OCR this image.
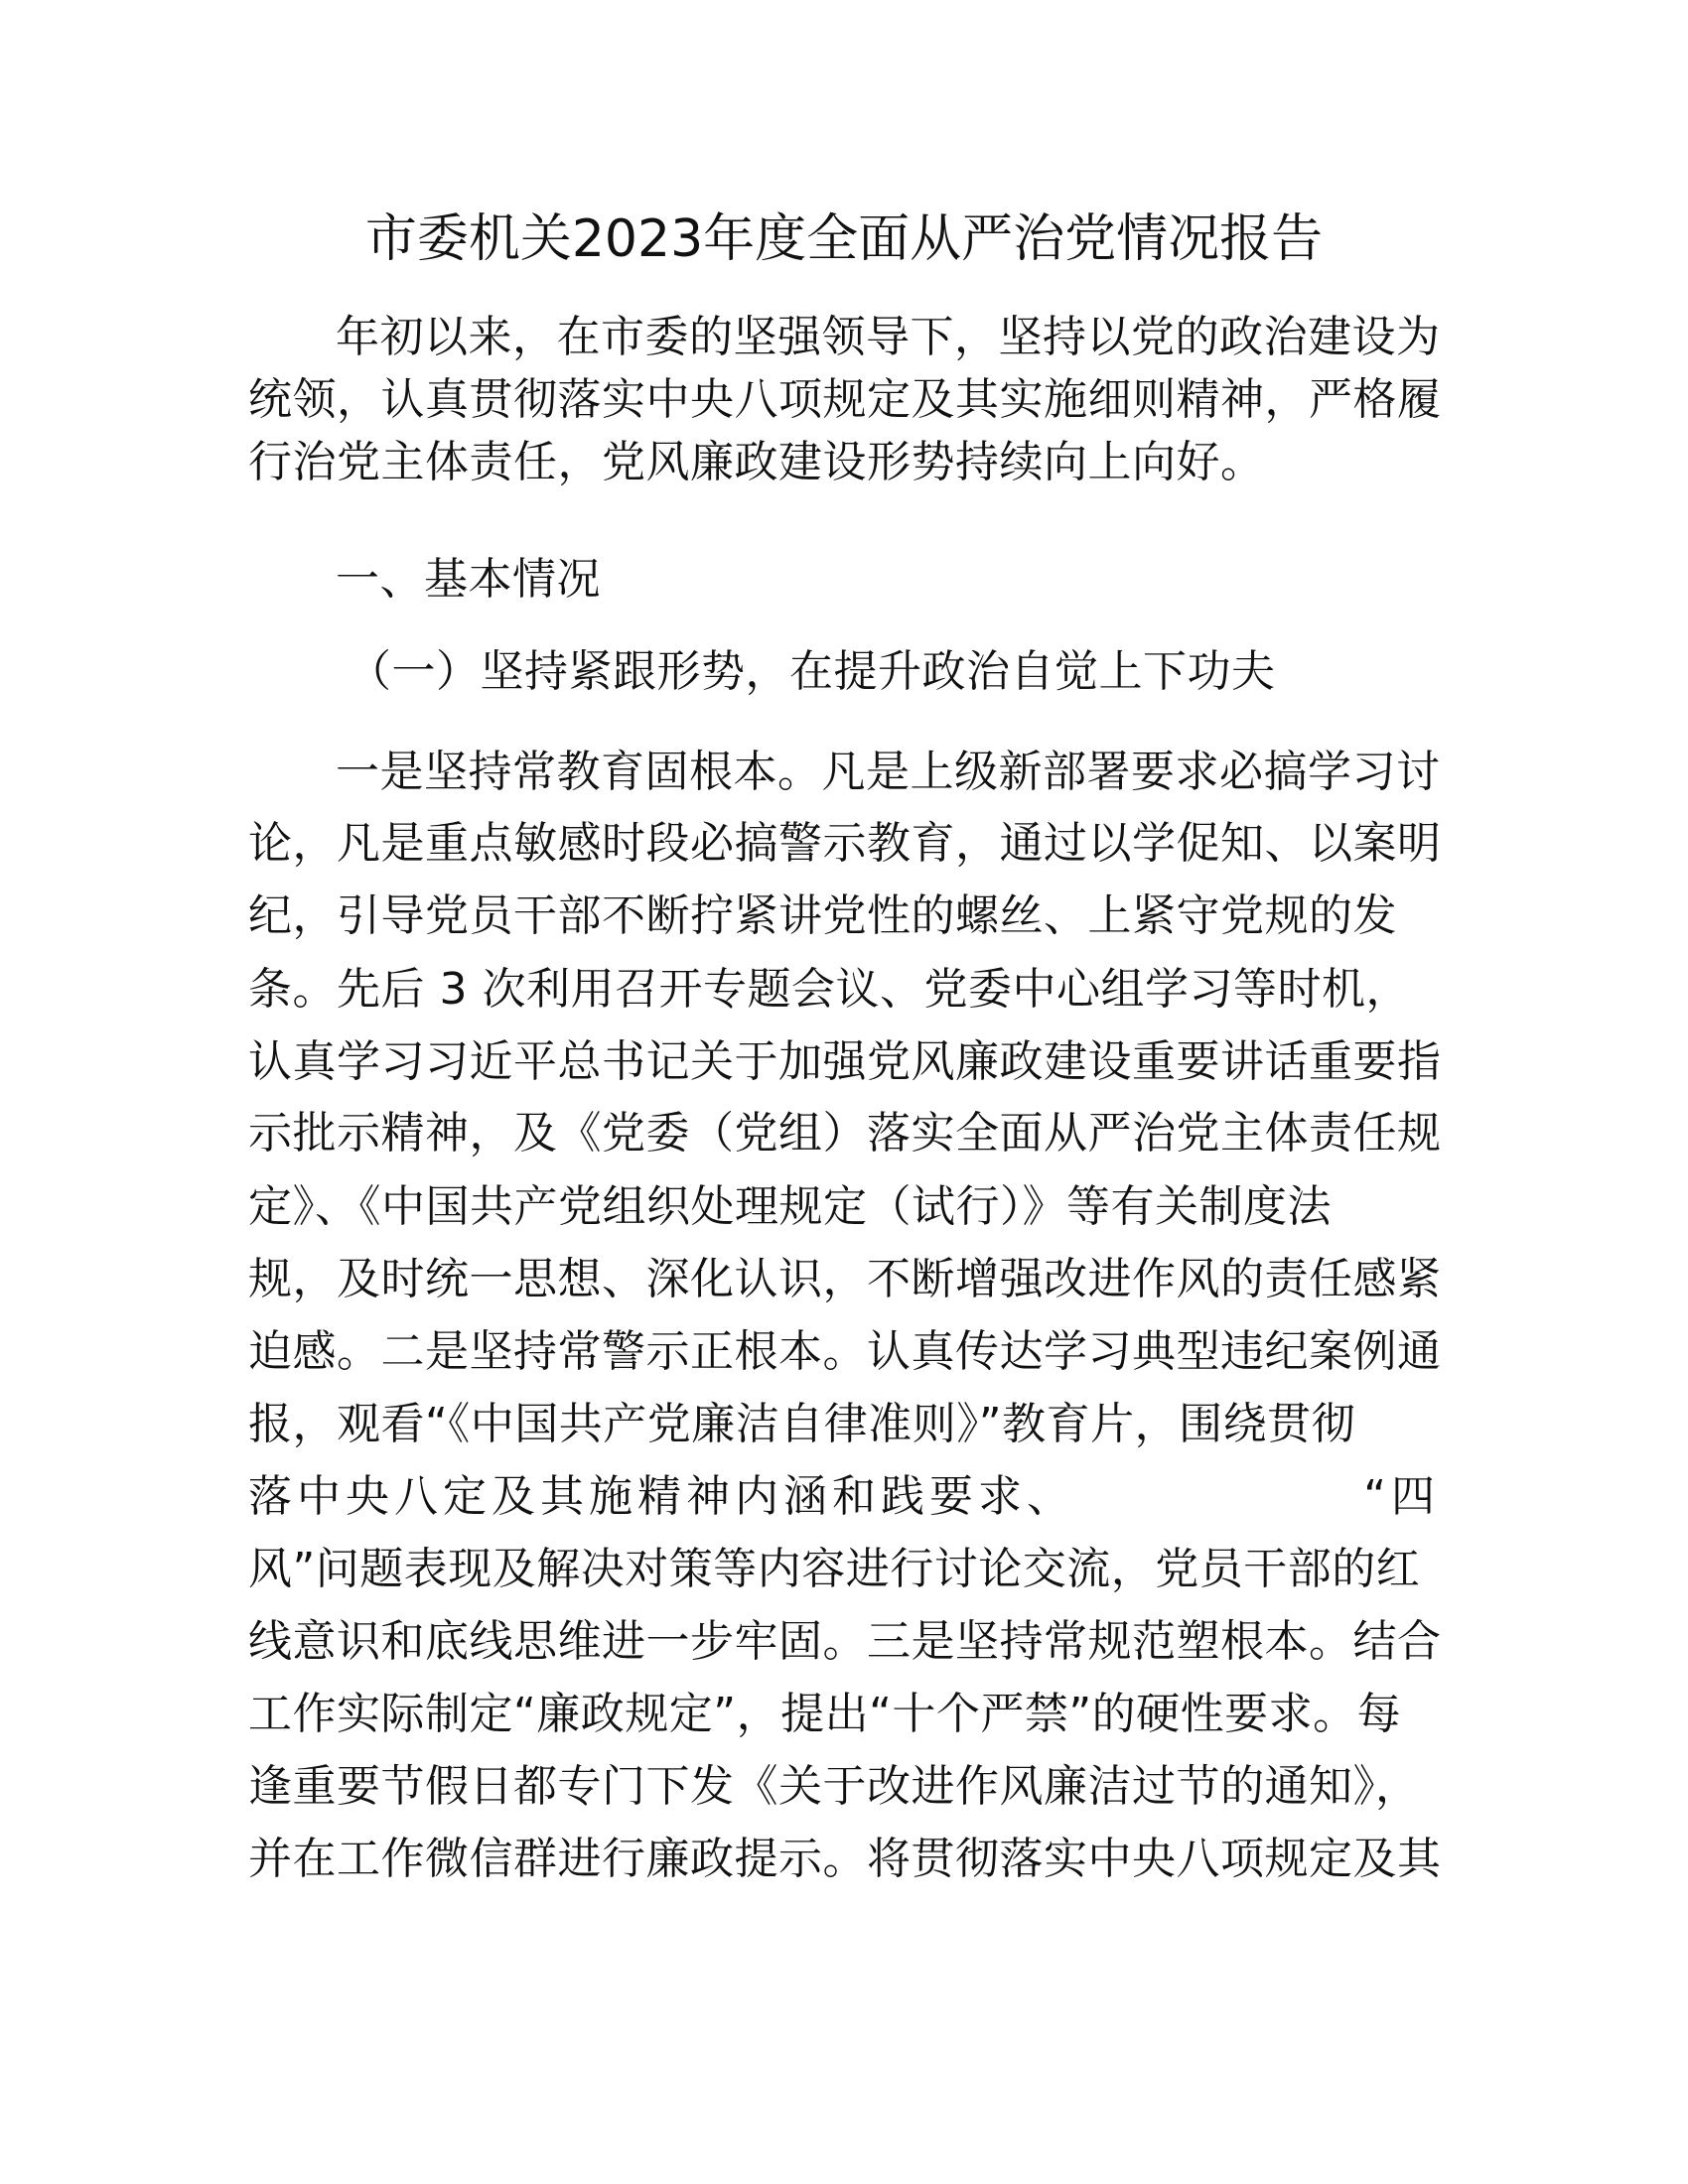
市委机关2023年度全面从严治党情况报告
年初以来，在市委的坚强领导下，坚持以党的政治建设为
统领，认真贯彻落实中央八项规定及其实施细则精神，严格履
行治党主体责任，党风廉政建设形势持续向上向好。
一、基本情况
（一）坚持紧跟形势，在提升政治自觉上下功夫
一是坚持常教育固根本。凡是上级新部署要求必搞学习讨
论，凡是重点敏感时段必搞警示教育，通过以学促知、以案明
纪，引导党员干部不断拧紧讲党性的螺丝、上紧守党规的发
条。先后 3 次利用召开专题会议、党委中心组学习等时机，
认真学习习近平总书记关于加强党风廉政建设重要讲话重要指
示批示精神，及《党委（党组）落实全面从严治党主体责任规
定》、《中国共产党组织处理规定（试行）》等有关制度法
规，及时统一思想、深化认识，不断增强改进作风的责任感紧
迫感。二是坚持常警示正根本。认真传达学习典型违纪案例通
报，观看“《中国共产党廉洁自律准则》”教育片，围绕贯彻
落中央八定及其施精神内涵和践要求、	“四
风”问题表现及解决对策等内容进行讨论交流，党员干部的红
线意识和底线思维进一步牢固。三是坚持常规范塑根本。结合
工作实际制定“廉政规定”，提出“十个严禁”的硬性要求。每
逢重要节假日都专门下发《关于改进作风廉洁过节的通知》，
并在工作微信群进行廉政提示。将贯彻落实中央八项规定及其
